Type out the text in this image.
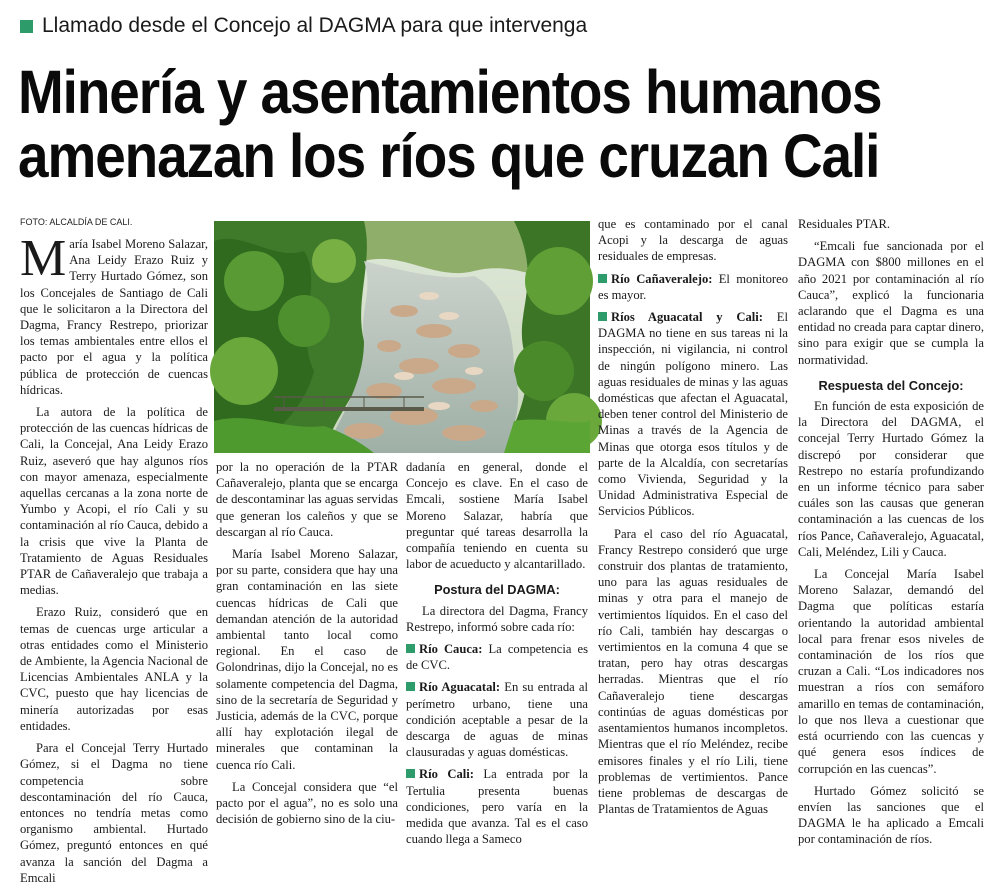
Llamado desde el Concejo al DAGMA para que intervenga
Minería y asentamientos humanos
amenazan los ríos que cruzan Cali
FOTO: ALCALDÍA DE CALI.

María Isabel Moreno Salazar, Ana Leidy Erazo Ruiz y Terry Hurtado Gómez, son los Concejales de Santiago de Cali que le solicitaron a la Directora del Dagma, Francy Restrepo, priorizar los temas ambientales entre ellos el pacto por el agua y la política pública de protección de cuencas hídricas.

La autora de la política de protección de las cuencas hídricas de Cali, la Concejal, Ana Leidy Erazo Ruiz, aseveró que hay algunos ríos con mayor amenaza, especialmente aquellas cercanas a la zona norte de Yumbo y Acopi, el río Cali y su contaminación al río Cauca, debido a la crisis que vive la Planta de Tratamiento de Aguas Residuales PTAR de Cañaveralejo que trabaja a medias.

Erazo Ruiz, consideró que en temas de cuencas urge articular a otras entidades como el Ministerio de Ambiente, la Agencia Nacional de Licencias Ambientales ANLA y la CVC, puesto que hay licencias de minería autorizadas por esas entidades.

Para el Concejal Terry Hurtado Gómez, si el Dagma no tiene competencia sobre descontaminación del río Cauca, entonces no tendría metas como organismo ambiental. Hurtado Gómez, preguntó entonces en qué avanza la sanción del Dagma a Emcali

por la no operación de la PTAR Cañaveralejo, planta que se encarga de descontaminar las aguas servidas que generan los caleños y que se descargan al río Cauca.

María Isabel Moreno Salazar, por su parte, considera que hay una gran contaminación en las siete cuencas hídricas de Cali que demandan atención de la autoridad ambiental tanto local como regional. En el caso de Golondrinas, dijo la Concejal, no es solamente competencia del Dagma, sino de la secretaría de Seguridad y Justicia, además de la CVC, porque allí hay explotación ilegal de minerales que contaminan la cuenca río Cali.

La Concejal considera que “el pacto por el agua”, no es solo una decisión de gobierno sino de la ciu-

dadanía en general, donde el Concejo es clave. En el caso de Emcali, sostiene María Isabel Moreno Salazar, habría que preguntar qué tareas desarrolla la compañía teniendo en cuenta su labor de acueducto y alcantarillado.

Postura del DAGMA:

La directora del Dagma, Francy Restrepo, informó sobre cada río:

Río Cauca: La competencia es de CVC.

Río Aguacatal: En su entrada al perímetro urbano, tiene una condición aceptable a pesar de la descarga de aguas de minas clausuradas y aguas domésticas.

Río Cali: La entrada por la Tertulia presenta buenas condiciones, pero varía en la medida que avanza. Tal es el caso cuando llega a Sameco

que es contaminado por el canal Acopi y la descarga de aguas residuales de empresas.

Río Cañaveralejo: El monitoreo es mayor.

Ríos Aguacatal y Cali: El DAGMA no tiene en sus tareas ni la inspección, ni vigilancia, ni control de ningún polígono minero. Las aguas residuales de minas y las aguas domésticas que afectan el Aguacatal, deben tener control del Ministerio de Minas a través de la Agencia de Minas que otorga esos títulos y de parte de la Alcaldía, con secretarías como Vivienda, Seguridad y la Unidad Administrativa Especial de Servicios Públicos.

Para el caso del río Aguacatal, Francy Restrepo consideró que urge construir dos plantas de tratamiento, uno para las aguas residuales de minas y otra para el manejo de vertimientos líquidos. En el caso del río Cali, también hay descargas o vertimientos en la comuna 4 que se tratan, pero hay otras descargas herradas. Mientras que el río Cañaveralejo tiene descargas continúas de aguas domésticas por asentamientos humanos incompletos. Mientras que el río Meléndez, recibe emisores finales y el río Lili, tiene problemas de vertimientos. Pance tiene problemas de descargas de Plantas de Tratamientos de Aguas

Residuales PTAR.

“Emcali fue sancionada por el DAGMA con $800 millones en el año 2021 por contaminación al río Cauca”, explicó la funcionaria aclarando que el Dagma es una entidad no creada para captar dinero, sino para exigir que se cumpla la normatividad.

Respuesta del Concejo:

En función de esta exposición de la Directora del DAGMA, el concejal Terry Hurtado Gómez la discrepó por considerar que Restrepo no estaría profundizando en un informe técnico para saber cuáles son las causas que generan contaminación a las cuencas de los ríos Pance, Cañaveralejo, Aguacatal, Cali, Meléndez, Lili y Cauca.

La Concejal María Isabel Moreno Salazar, demandó del Dagma que políticas estaría orientando la autoridad ambiental local para frenar esos niveles de contaminación de los ríos que cruzan a Cali. “Los indicadores nos muestran a ríos con semáforo amarillo en temas de contaminación, lo que nos lleva a cuestionar que está ocurriendo con las cuencas y qué genera esos índices de corrupción en las cuencas”.

Hurtado Gómez solicitó se envíen las sanciones que el DAGMA le ha aplicado a Emcali por contaminación de ríos.
